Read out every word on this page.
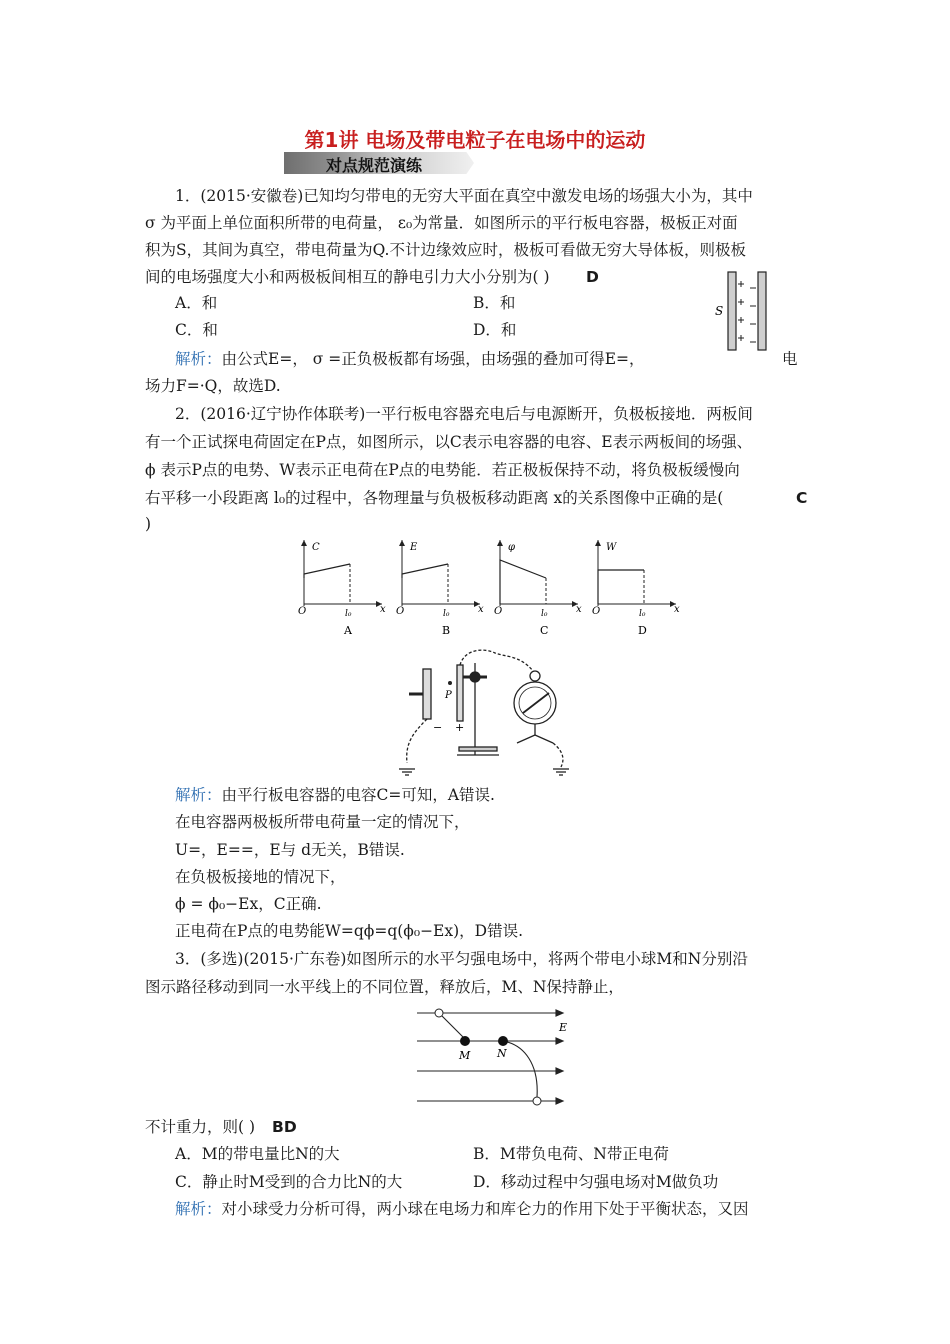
第1讲 电场及带电粒子在电场中的运动
对点规范演练
1．(2015·安徽卷)已知均匀带电的无穷大平面在真空中激发电场的场强大小为，其中
σ 为平面上单位面积所带的电荷量， ε₀为常量．如图所示的平行板电容器，极板正对面
积为S，其间为真空，带电荷量为Q.不计边缘效应时，极板可看做无穷大导体板，则极板
间的电场强度大小和两极板间相互的静电引力大小分别为( ) D
A．和	B．和
C．和	D．和
S
解析：由公式E=， σ =正负极板都有场强，由场强的叠加可得E=，	电
场力F=·Q，故选D.
2．(2016·辽宁协作体联考)一平行板电容器充电后与电源断开，负极板接地．两板间
有一个正试探电荷固定在P点，如图所示，以C表示电容器的电容、E表示两板间的场强、
ϕ 表示P点的电势、W表示正电荷在P点的电势能．若正极板保持不动，将负极板缓慢向
右平移一小段距离 l₀的过程中，各物理量与负极板移动距离 x的关系图像中正确的是(	C
)
C
O	l₀	x
A
E
O	l₀	x
B
φ
O	l₀	x
C
W
O	l₀	x
D
P
− +
解析：由平行板电容器的电容C=可知，A错误.
在电容器两极板所带电荷量一定的情况下，
U=，E==，E与 d无关，B错误.
在负极板接地的情况下，
ϕ = ϕ₀−Ex，C正确.
正电荷在P点的电势能W=qϕ=q(ϕ₀−Ex)，D错误.
3．(多选)(2015·广东卷)如图所示的水平匀强电场中，将两个带电小球M和N分别沿
图示路径移动到同一水平线上的不同位置，释放后，M、N保持静止，
E
M N
不计重力，则( ) BD
A．M的带电量比N的大	B．M带负电荷、N带正电荷
C．静止时M受到的合力比N的大	D．移动过程中匀强电场对M做负功
解析：对小球受力分析可得，两小球在电场力和库仑力的作用下处于平衡状态，又因
